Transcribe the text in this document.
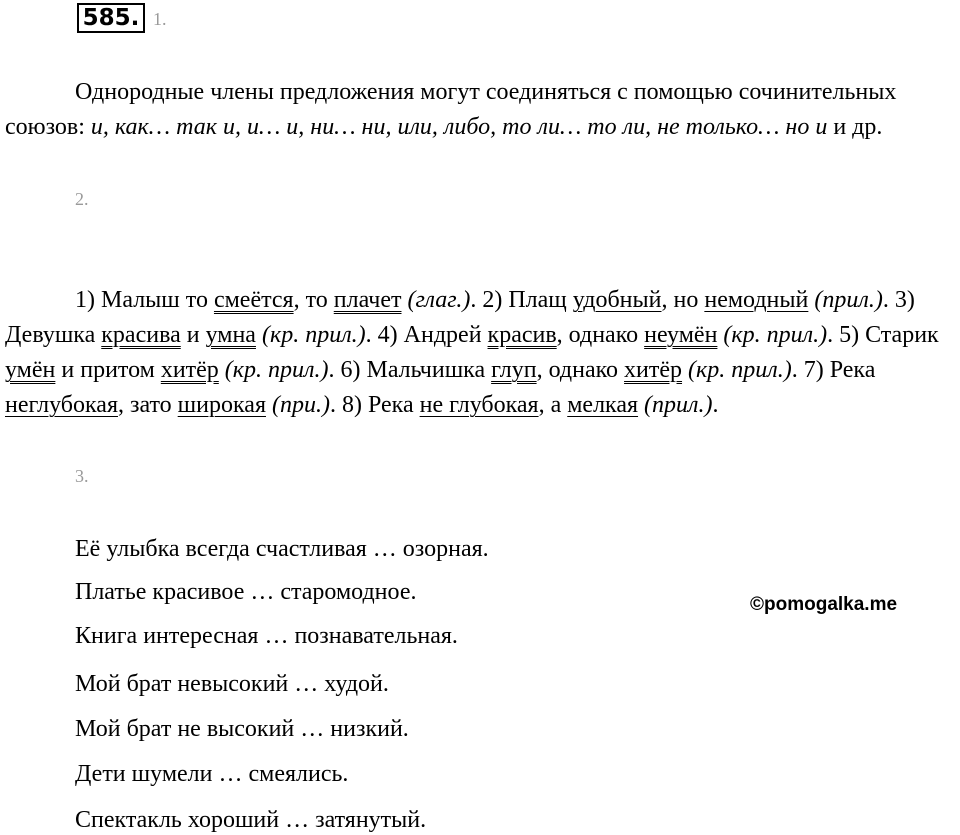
585. 1.
Однородные члены предложения могут соединяться с помощью сочинительных союзов: и, как… так и, и… и, ни… ни, или, либо, то ли… то ли, не только… но и и др.
2.
1) Малыш то смеётся, то плачет (глаг.). 2) Плащ удобный, но немодный (прил.). 3) Девушка красива и умна (кр. прил.). 4) Андрей красив, однако неумён (кр. прил.). 5) Старик умён и притом хитёр (кр. прил.). 6) Мальчишка глуп, однако хитёр (кр. прил.). 7) Река неглубокая, зато широкая (при.). 8) Река не глубокая, а мелкая (прил.).
3.
Её улыбка всегда счастливая … озорная.
Платье красивое … старомодное.
Книга интересная … познавательная.
Мой брат невысокий … худой.
Мой брат не высокий … низкий.
Дети шумели … смеялись.
Спектакль хороший … затянутый.
©pomogalka.me
